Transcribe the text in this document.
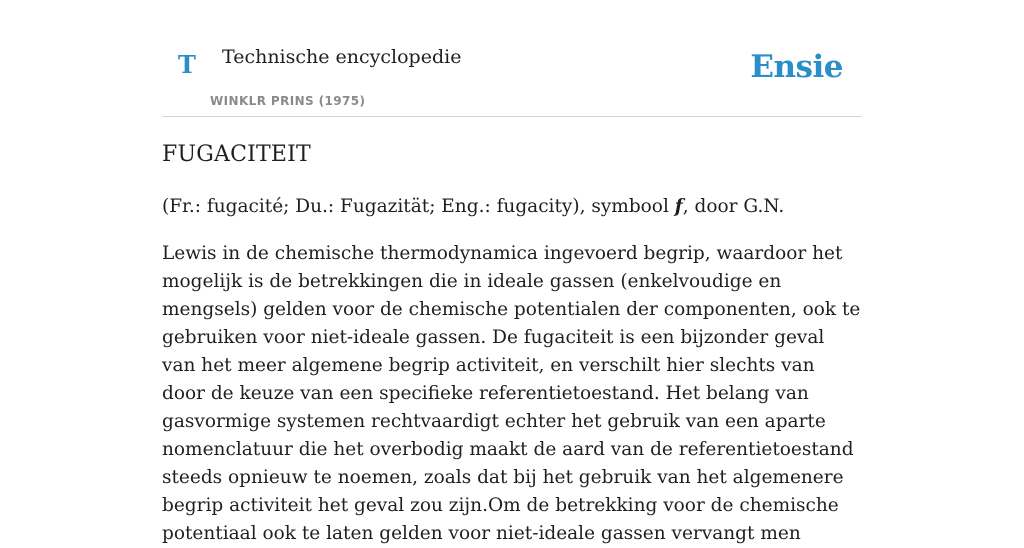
T Technische encyclopedie
WINKLR PRINS (1975)
Ensie
FUGACITEIT

(Fr.: fugacité; Du.: Fugazität; Eng.: fugacity), symbool f, door G.N.

Lewis in de chemische thermodynamica ingevoerd begrip, waardoor het mogelijk is de betrekkingen die in ideale gassen (enkelvoudige en mengsels) gelden voor de chemische potentialen der componenten, ook te gebruiken voor niet-ideale gassen. De fugaciteit is een bijzonder geval van het meer algemene begrip activiteit, en verschilt hier slechts van door de keuze van een specifieke referentietoestand. Het belang van gasvormige systemen rechtvaardigt echter het gebruik van een aparte nomenclatuur die het overbodig maakt de aard van de referentietoestand steeds opnieuw te noemen, zoals dat bij het gebruik van het algemenere begrip activiteit het geval zou zijn.Om de betrekking voor de chemische potentiaal ook te laten gelden voor niet-ideale gassen vervangt men
